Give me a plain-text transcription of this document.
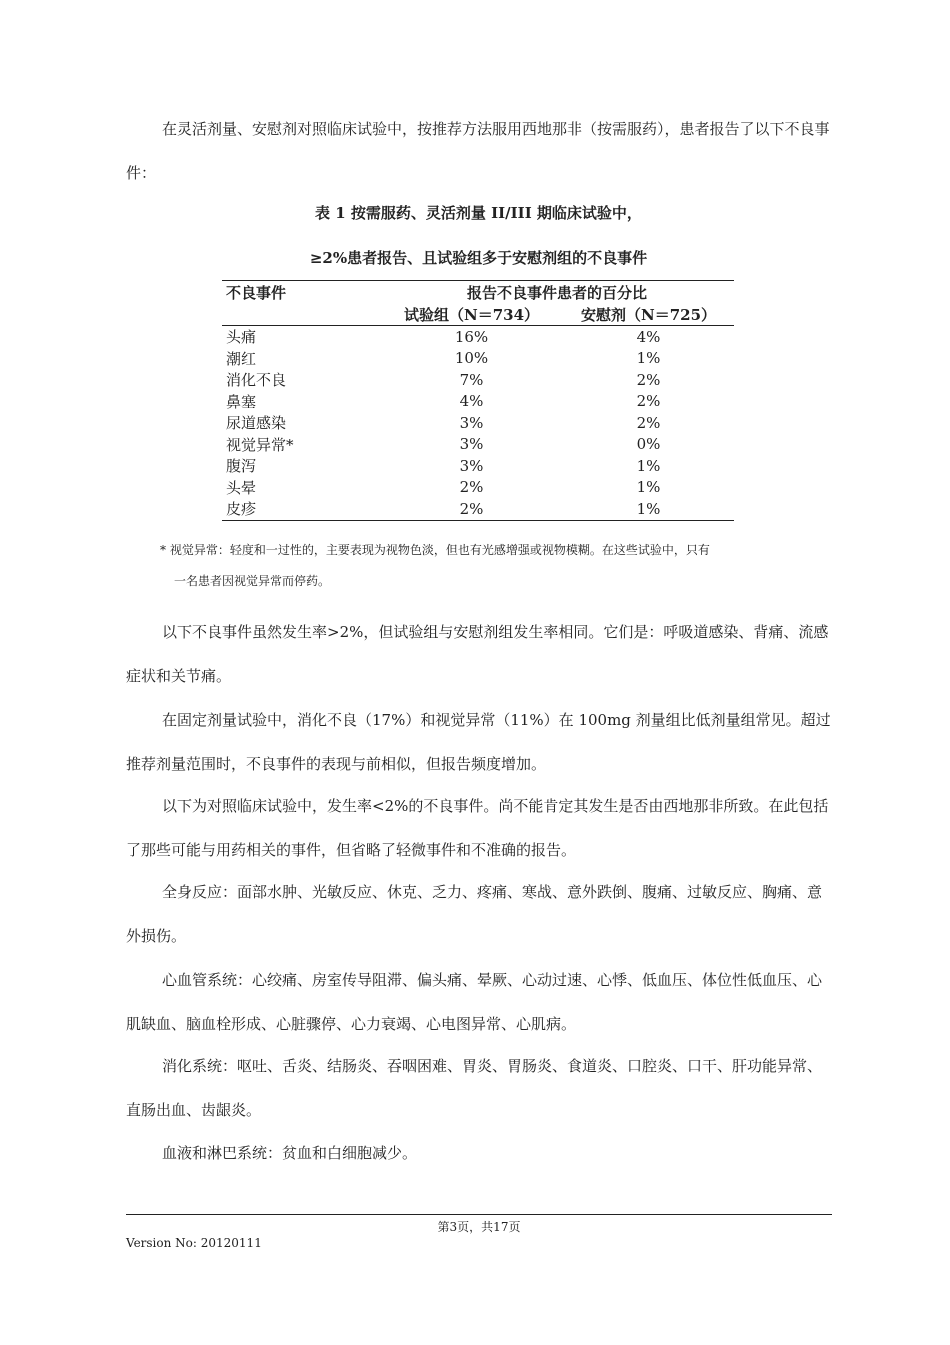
在灵活剂量、安慰剂对照临床试验中，按推荐方法服用西地那非（按需服药），患者报告了以下不良事件：

表 1 按需服药、灵活剂量 II/III 期临床试验中，

≥2%患者报告、且试验组多于安慰剂组的不良事件

不良事件	报告不良事件患者的百分比	
	试验组（N＝734）	安慰剂（N＝725）
头痛	16%	4%
潮红	10%	1%
消化不良	7%	2%
鼻塞	4%	2%
尿道感染	3%	2%
视觉异常*	3%	0%
腹泻	3%	1%
头晕	2%	1%
皮疹	2%	1%

* 视觉异常：轻度和一过性的，主要表现为视物色淡，但也有光感增强或视物模糊。在这些试验中，只有
一名患者因视觉异常而停药。

以下不良事件虽然发生率>2%，但试验组与安慰剂组发生率相同。它们是：呼吸道感染、背痛、流感症状和关节痛。

在固定剂量试验中，消化不良（17%）和视觉异常（11%）在 100mg 剂量组比低剂量组常见。超过推荐剂量范围时，不良事件的表现与前相似，但报告频度增加。

以下为对照临床试验中，发生率<2%的不良事件。尚不能肯定其发生是否由西地那非所致。在此包括了那些可能与用药相关的事件，但省略了轻微事件和不准确的报告。

全身反应：面部水肿、光敏反应、休克、乏力、疼痛、寒战、意外跌倒、腹痛、过敏反应、胸痛、意外损伤。

心血管系统：心绞痛、房室传导阻滞、偏头痛、晕厥、心动过速、心悸、低血压、体位性低血压、心肌缺血、脑血栓形成、心脏骤停、心力衰竭、心电图异常、心肌病。

消化系统：呕吐、舌炎、结肠炎、吞咽困难、胃炎、胃肠炎、食道炎、口腔炎、口干、肝功能异常、直肠出血、齿龈炎。

血液和淋巴系统：贫血和白细胞减少。

第3页，共17页

Version No: 20120111
